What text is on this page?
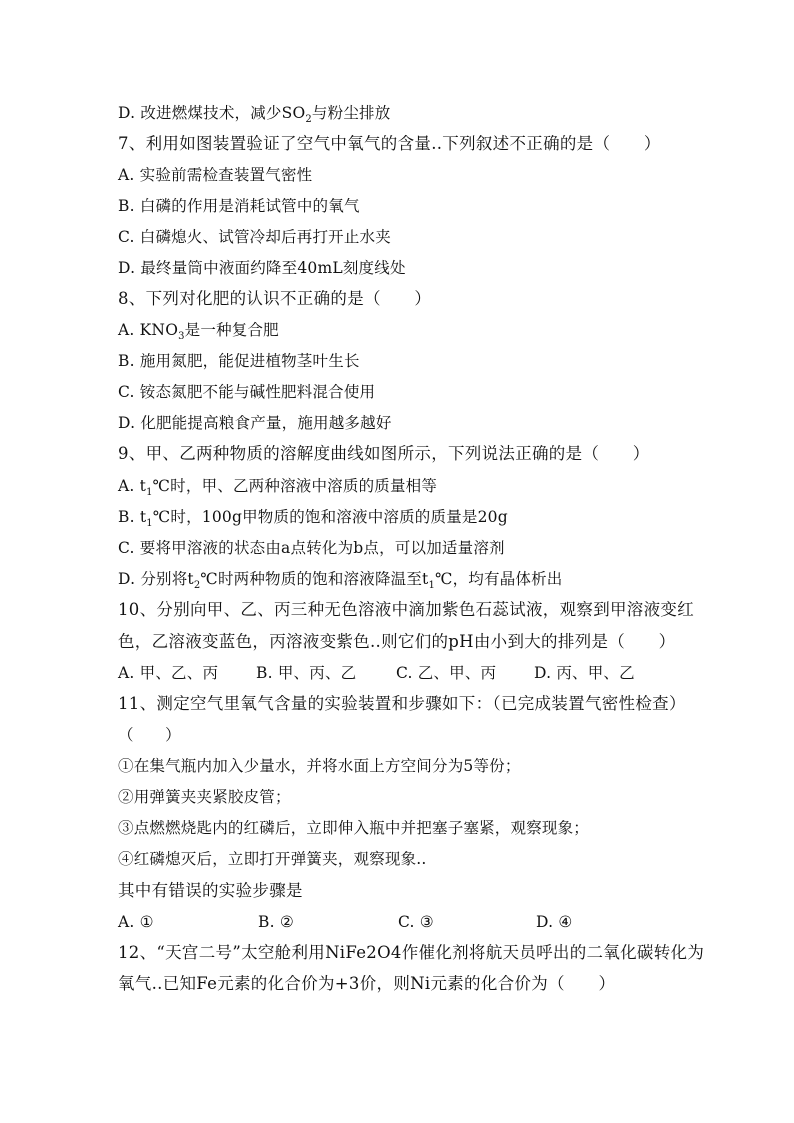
D. 改进燃煤技术，减少$SO_2$与粉尘排放
7、利用如图装置验证了空气中氧气的含量..下列叙述不正确的是（　　）
A. 实验前需检查装置气密性
B. 白磷的作用是消耗试管中的氧气
C. 白磷熄火、试管冷却后再打开止水夹
D. 最终量筒中液面约降至40mL刻度线处
8、下列对化肥的认识不正确的是（　　）
A. $KNO_3$是一种复合肥
B. 施用氮肥，能促进植物茎叶生长
C. 铵态氮肥不能与碱性肥料混合使用
D. 化肥能提高粮食产量，施用越多越好
9、甲、乙两种物质的溶解度曲线如图所示，下列说法正确的是（　　）
A. $t_1℃$时，甲、乙两种溶液中溶质的质量相等
B. $t_1℃$时，100g甲物质的饱和溶液中溶质的质量是20g
C. 要将甲溶液的状态由a点转化为b点，可以加适量溶剂
D. 分别将$t_2℃$时两种物质的饱和溶液降温至$t_1℃$，均有晶体析出
10、分别向甲、乙、丙三种无色溶液中滴加紫色石蕊试液，观察到甲溶液变红
色，乙溶液变蓝色，丙溶液变紫色..则它们的pH由小到大的排列是（　　）
A. 甲、乙、丙	B. 甲、丙、乙	C. 乙、甲、丙	D. 丙、甲、乙
11、测定空气里氧气含量的实验装置和步骤如下：（已完成装置气密性检查）
（　　）
①在集气瓶内加入少量水，并将水面上方空间分为5等份；
②用弹簧夹夹紧胶皮管；
③点燃燃烧匙内的红磷后，立即伸入瓶中并把塞子塞紧，观察现象；
④红磷熄灭后，立即打开弹簧夹，观察现象..
其中有错误的实验步骤是
A. ①	B. ②	C. ③	D. ④
12、“天宫二号”太空舱利用NiFe2O4作催化剂将航天员呼出的二氧化碳转化为
氧气..已知Fe元素的化合价为+3价，则Ni元素的化合价为（　　）
